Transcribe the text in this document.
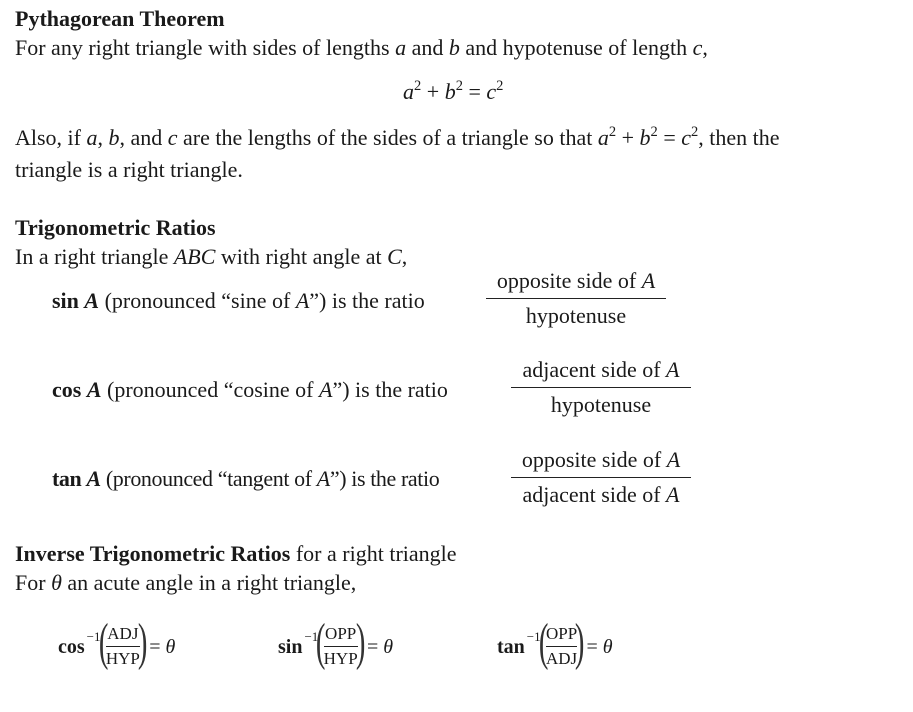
Pythagorean Theorem
For any right triangle with sides of lengths a and b and hypotenuse of length c,
$a^2 + b^2 = c^2$
Also, if a, b, and c are the lengths of the sides of a triangle so that $a^2 + b^2 = c^2$, then the
triangle is a right triangle.
Trigonometric Ratios
In a right triangle ABC with right angle at C,
sin A (pronounced “sine of A”) is the ratio
opposite side of A
hypotenuse
cos A (pronounced “cosine of A”) is the ratio
adjacent side of A
hypotenuse
tan A (pronounced “tangent of A”) is the ratio
opposite side of A
adjacent side of A
Inverse Trigonometric Ratios for a right triangle
For θ an acute angle in a right triangle,
cos −1
( ADJ
HYP
) =
θ	sin −1
( OPP
HYP
) =
θ	tan −1
(
OPP
ADJ
) =
θ
